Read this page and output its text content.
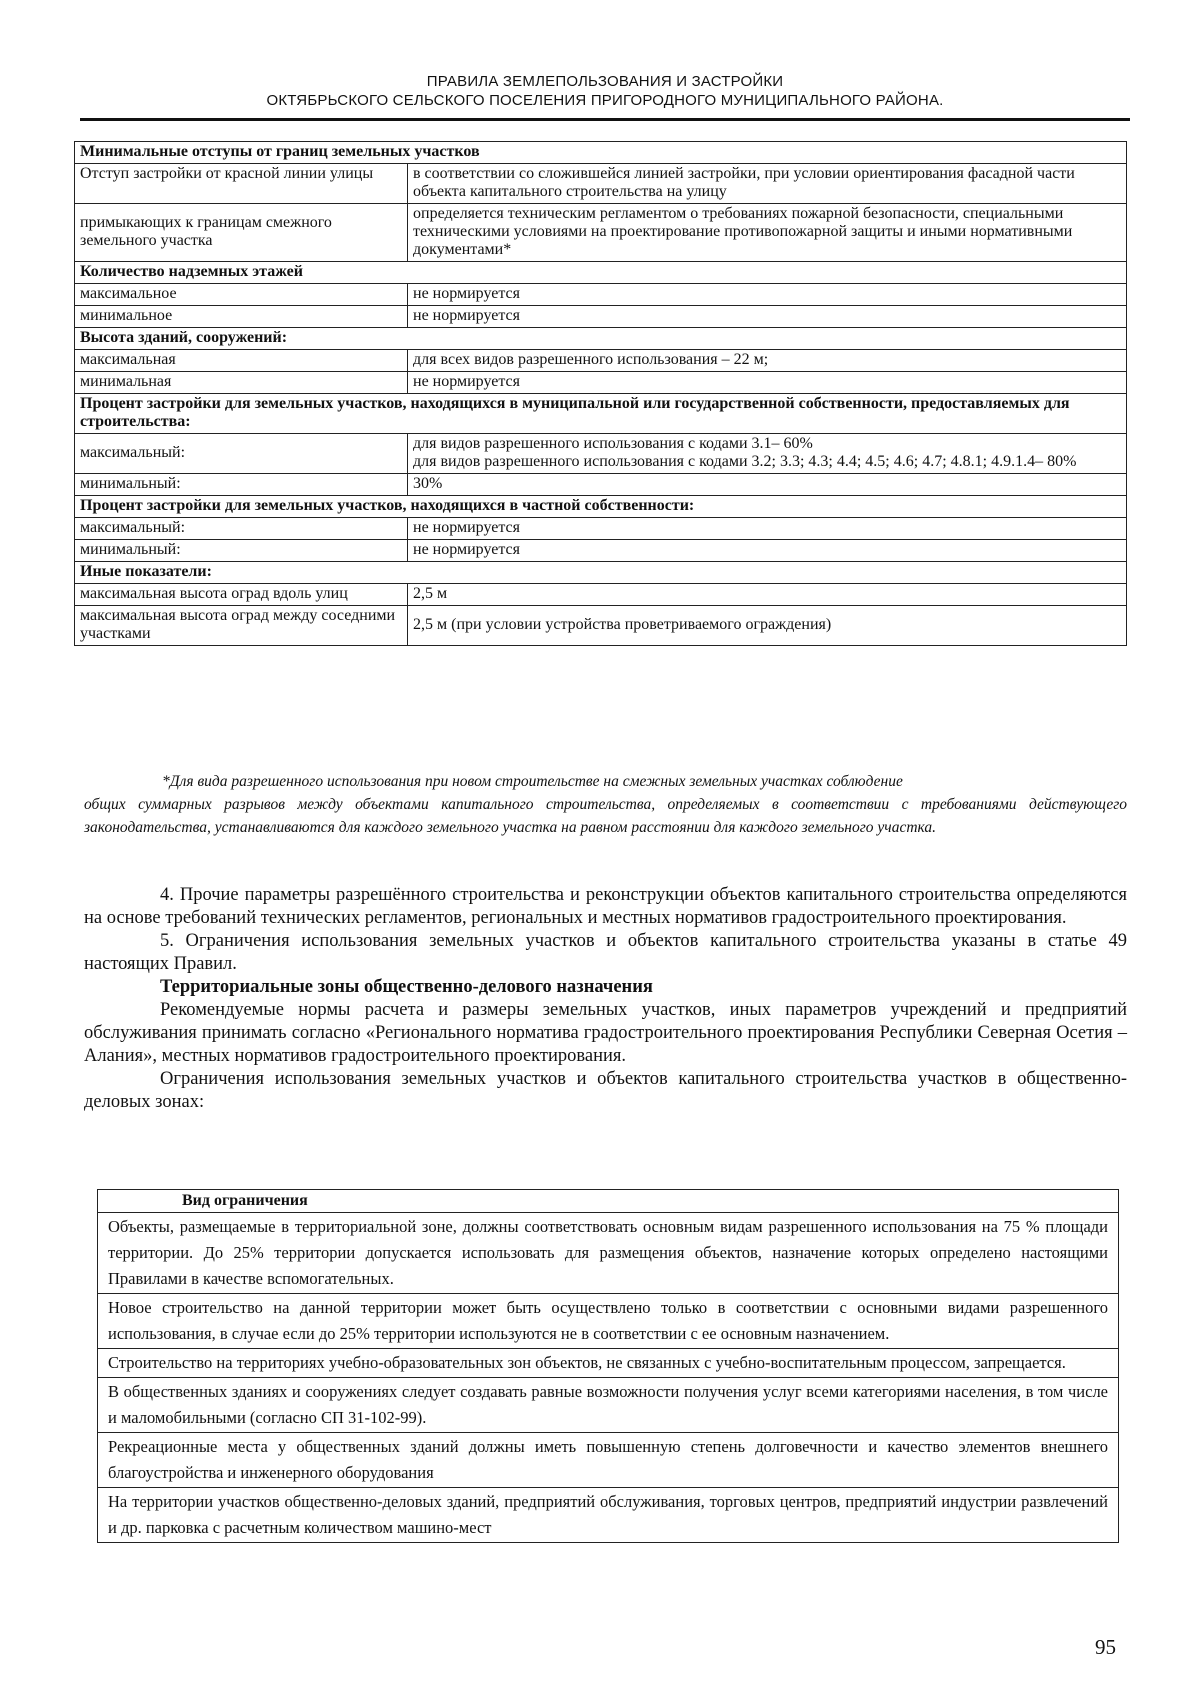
ПРАВИЛА ЗЕМЛЕПОЛЬЗОВАНИЯ И ЗАСТРОЙКИ
ОКТЯБРЬСКОГО СЕЛЬСКОГО ПОСЕЛЕНИЯ ПРИГОРОДНОГО МУНИЦИПАЛЬНОГО РАЙОНА.
Минимальные отступы от границ земельных участков	
Отступ застройки от красной линии улицы	в соответствии со сложившейся линией застройки, при условии ориентирования фасадной части объекта капитального строительства на улицу
примыкающих к границам смежного земельного участка	определяется техническим регламентом о требованиях пожарной безопасности, специальными техническими условиями на проектирование противопожарной защиты и иными нормативными документами*
Количество надземных этажей	
максимальное	не нормируется
минимальное	не нормируется
Высота зданий, сооружений:	
максимальная	для всех видов разрешенного использования – 22 м;
минимальная	не нормируется
Процент застройки для земельных участков, находящихся в муниципальной или государственной собственности, предоставляемых для строительства:	
максимальный:	для видов разрешенного использования с кодами 3.1– 60%
для видов разрешенного использования с кодами 3.2; 3.3; 4.3; 4.4; 4.5; 4.6; 4.7; 4.8.1; 4.9.1.4– 80%

минимальный:	30%
Процент застройки для земельных участков, находящихся в частной собственности:	
максимальный:	не нормируется
минимальный:	не нормируется
Иные показатели:	
максимальная высота оград вдоль улиц	2,5 м
максимальная высота оград между соседними участками	2,5 м (при условии устройства проветриваемого ограждения)
*Для вида разрешенного использования при новом строительстве на смежных земельных участках соблюдение
общих суммарных разрывов между объектами капитального строительства, определяемых в соответствии с требованиями действующего законодательства, устанавливаются для каждого земельного участка на равном расстоянии для каждого земельного участка.

4. Прочие параметры разрешённого строительства и реконструкции объектов капитального строительства определяются на основе требований технических регламентов, региональных и местных нормативов градостроительного проектирования.

5. Ограничения использования земельных участков и объектов капитального строительства указаны в статье 49 настоящих Правил.

Территориальные зоны общественно-делового назначения

Рекомендуемые нормы расчета и размеры земельных участков, иных параметров учреждений и предприятий обслуживания принимать согласно «Регионального норматива градостроительного проектирования Республики Северная Осетия – Алания», местных нормативов градостроительного проектирования.

Ограничения использования земельных участков и объектов капитального строительства участков в общественно-деловых зонах:

Вид ограничения
Объекты, размещаемые в территориальной зоне, должны соответствовать основным видам разрешенного использования на 75 % площади территории. До 25% территории допускается использовать для размещения объектов, назначение которых определено настоящими Правилами в качестве вспомогательных.
Новое строительство на данной территории может быть осуществлено только в соответствии с основными видами разрешенного использования, в случае если до 25% территории используются не в соответствии с ее основным назначением.
Строительство на территориях учебно-образовательных зон объектов, не связанных с учебно-воспитательным процессом, запрещается.
В общественных зданиях и сооружениях следует создавать равные возможности получения услуг всеми категориями населения, в том числе и маломобильными (согласно СП 31-102-99).
Рекреационные места у общественных зданий должны иметь повышенную степень долговечности и качество элементов внешнего благоустройства и инженерного оборудования
На территории участков общественно-деловых зданий, предприятий обслуживания, торговых центров, предприятий индустрии развлечений и др. парковка с расчетным количеством машино-мест
95
